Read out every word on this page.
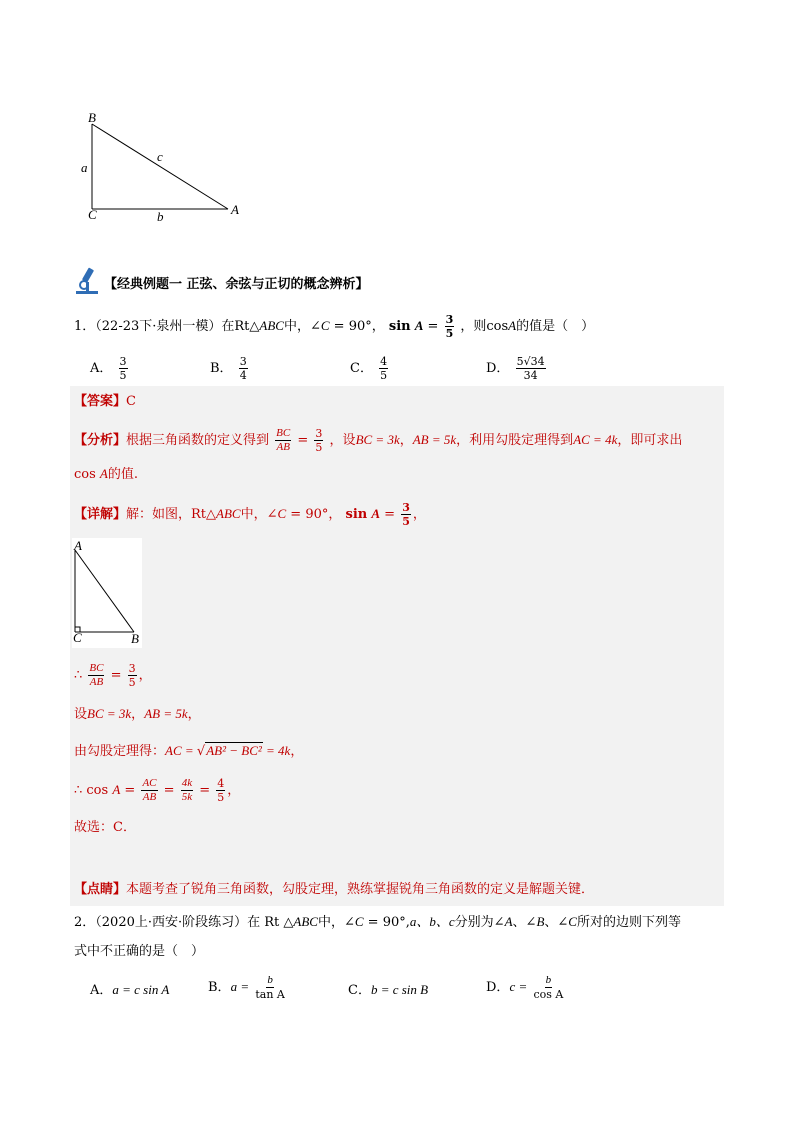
B
a
c
C	b	A
【经典例题一 正弦、余弦与正切的概念辨析】
1．（22-23下·泉州一模）在Rt△ABC中，∠C = 90°， $\sin A = \frac{3}{5}$ ，则cosA的值是（　）
A． $\frac{3}{5}$	B． $\frac{3}{4}$	C． $\frac{4}{5}$	D． $\frac{5√34}{34}$
【答案】C
【分析】根据三角函数的定义得到 $\frac{BC}{AB} = \frac{3}{5}$ ，设BC = 3k，AB = 5k，利用勾股定理得到AC = 4k，即可求出
cos A的值.
【详解】解：如图，Rt△ABC中，∠C = 90°， $\sin A = \frac{3}{5}$ ，
A
C	B
∴ $\frac{BC}{AB} = \frac{3}{5}$ ，
设BC = 3k，AB = 5k，
由勾股定理得：AC = √AB² − BC² = 4k，
∴ $\cos A = \frac{AC}{AB} = \frac{4k}{5k} = \frac{4}{5}$ ，
故选：C．
【点睛】本题考查了锐角三角函数，勾股定理，熟练掌握锐角三角函数的定义是解题关键．
2．（2020上·西安·阶段练习）在 Rt △ABC中，∠C = 90°,a、b、c分别为∠A、∠B、∠C所对的边则下列等
式中不正确的是（　）
A．a = c sin A	B．$a = \frac{b}{\text{tan A}}$	C．b = c sin B	D．$c = \frac{b}{\text{cos A}}$
